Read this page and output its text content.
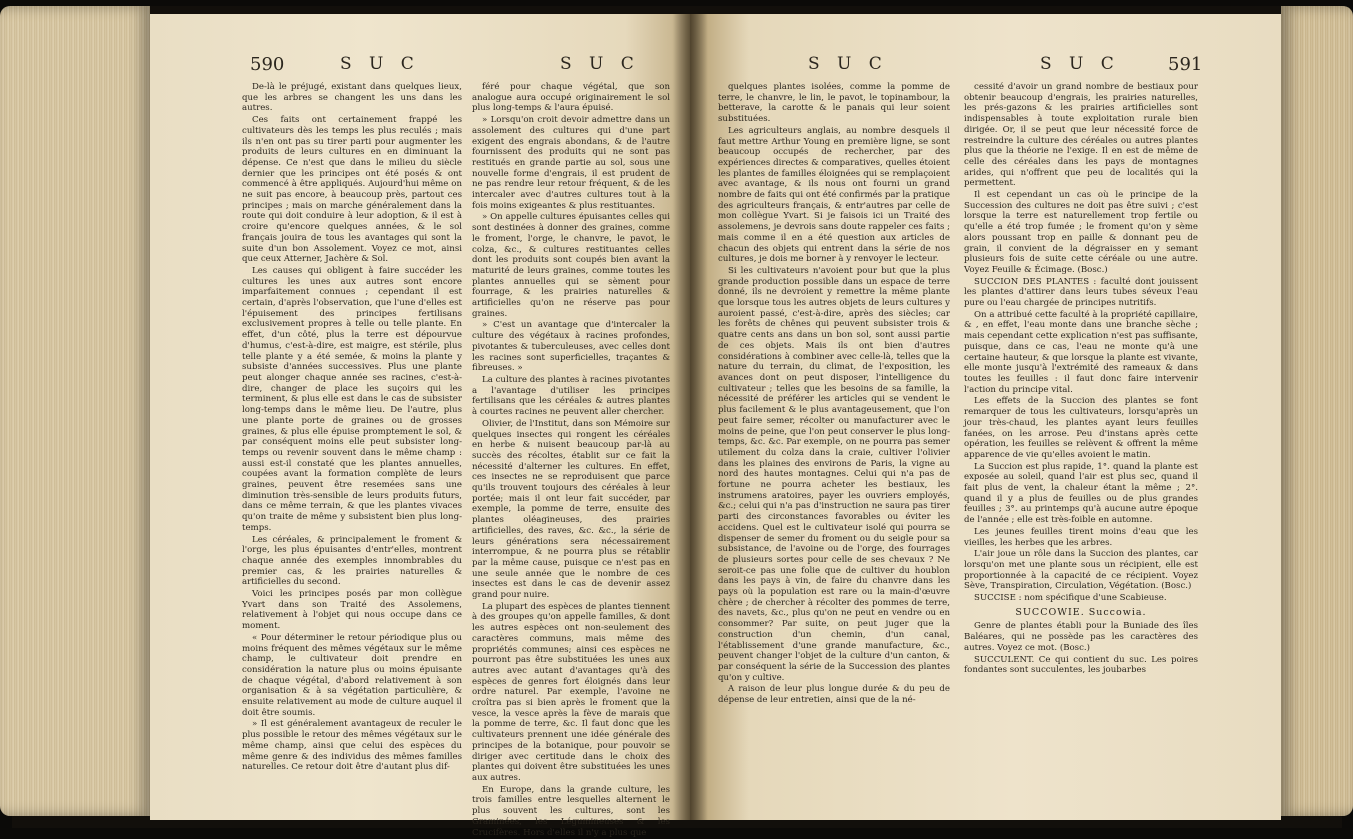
590	S U C	S U C

De-là le préjugé, existant dans quelques lieux, que les arbres se changent les uns dans les autres.

Ces faits ont certainement frappé les cultivateurs dès les temps les plus reculés ; mais ils n'en ont pas su tirer parti pour augmenter les produits de leurs cultures en en diminuant la dépense. Ce n'est que dans le milieu du siècle dernier que les principes ont été posés & ont commencé à être appliqués. Aujourd'hui même on ne suit pas encore, à beaucoup près, partout ces principes ; mais on marche généralement dans la route qui doit conduire à leur adoption, & il est à croire qu'encore quelques années, & le sol français jouira de tous les avantages qui sont la suite d'un bon Assolement. Voyez ce mot, ainsi que ceux Atterner, Jachère & Sol.

Les causes qui obligent à faire succéder les cultures les unes aux autres sont encore imparfaitement connues ; cependant il est certain, d'après l'observation, que l'une d'elles est l'épuisement des principes fertilisans exclusivement propres à telle ou telle plante. En effet, d'un côté, plus la terre est dépourvue d'humus, c'est-à-dire, est maigre, est stérile, plus telle plante y a été semée, & moins la plante y subsiste d'années successives. Plus une plante peut alonger chaque année ses racines, c'est-à-dire, changer de place les suçoirs qui les terminent, & plus elle est dans le cas de subsister long-temps dans le même lieu. De l'autre, plus une plante porte de graines ou de grosses graines, & plus elle épuise promptement le sol, & par conséquent moins elle peut subsister long-temps ou revenir souvent dans le même champ : aussi est-il constaté que les plantes annuelles, coupées avant la formation complète de leurs graines, peuvent être resemées sans une diminution très-sensible de leurs produits futurs, dans ce même terrain, & que les plantes vivaces qu'on traite de même y subsistent bien plus long-temps.

Les céréales, & principalement le froment & l'orge, les plus épuisantes d'entr'elles, montrent chaque année des exemples innombrables du premier cas, & les prairies naturelles & artificielles du second.

Voici les principes posés par mon collègue Yvart dans son Traité des Assolemens, relativement à l'objet qui nous occupe dans ce moment.

« Pour déterminer le retour périodique plus ou moins fréquent des mêmes végétaux sur le même champ, le cultivateur doit prendre en considération la nature plus ou moins épuisante de chaque végétal, d'abord relativement à son organisation & à sa végétation particulière, & ensuite relativement au mode de culture auquel il doit être soumis.

» Il est généralement avantageux de reculer le plus possible le retour des mêmes végétaux sur le même champ, ainsi que celui des espèces du même genre & des individus des mêmes familles naturelles. Ce retour doit être d'autant plus dif-

féré pour chaque végétal, que son analogue aura occupé originairement le sol plus long-temps & l'aura épuisé.

» Lorsqu'on croit devoir admettre dans un assolement des cultures qui d'une part exigent des engrais abondans, & de l'autre fournissent des produits qui ne sont pas restitués en grande partie au sol, sous une nouvelle forme d'engrais, il est prudent de ne pas rendre leur retour fréquent, & de les intercaler avec d'autres cultures tout à la fois moins exigeantes & plus restituantes.

» On appelle cultures épuisantes celles qui sont destinées à donner des graines, comme le froment, l'orge, le chanvre, le pavot, le colza, &c., & cultures restituantes celles dont les produits sont coupés bien avant la maturité de leurs graines, comme toutes les plantes annuelles qui se sèment pour fourrage, & les prairies naturelles & artificielles qu'on ne réserve pas pour graines.

» C'est un avantage que d'intercaler la culture des végétaux à racines profondes, pivotantes & tuberculeuses, avec celles dont les racines sont superficielles, traçantes & fibreuses. »

La culture des plantes à racines pivotantes a l'avantage d'utiliser les principes fertilisans que les céréales & autres plantes à courtes racines ne peuvent aller chercher.

Olivier, de l'Institut, dans son Mémoire sur quelques insectes qui rongent les céréales en herbe & nuisent beaucoup par-là au succès des récoltes, établit sur ce fait la nécessité d'alterner les cultures. En effet, ces insectes ne se reproduisent que parce qu'ils trouvent toujours des céréales à leur portée; mais il ont leur fait succéder, par exemple, la pomme de terre, ensuite des plantes oléagineuses, des prairies artificielles, des raves, &c. &c., la série de leurs générations sera nécessairement interrompue, & ne pourra plus se rétablir par la même cause, puisque ce n'est pas en une seule année que le nombre de ces insectes est dans le cas de devenir assez grand pour nuire.

La plupart des espèces de plantes tiennent à des groupes qu'on appelle familles, & dont les autres espèces ont non-seulement des caractères communs, mais même des propriétés communes; ainsi ces espèces ne pourront pas être substituées les unes aux autres avec autant d'avantages qu'à des espèces de genres fort éloignés dans leur ordre naturel. Par exemple, l'avoine ne croîtra pas si bien après le froment que la vesce, la vesce après la fève de marais que la pomme de terre, &c. Il faut donc que les cultivateurs prennent une idée générale des principes de la botanique, pour pouvoir se diriger avec certitude dans le choix des plantes qui doivent être substituées les unes aux autres.

En Europe, dans la grande culture, les trois familles entre lesquelles alternent le plus souvent les cultures, sont les Graminées, les Légumineuses & les Crucifères. Hors d'elles il n'y a plus que

S U C	S U C	591

quelques plantes isolées, comme la pomme de terre, le chanvre, le lin, le pavot, le topinambour, la betterave, la carotte & le panais qui leur soient substituées.

Les agriculteurs anglais, au nombre desquels il faut mettre Arthur Young en première ligne, se sont beaucoup occupés de rechercher, par des expériences directes & comparatives, quelles étoient les plantes de familles éloignées qui se remplaçoient avec avantage, & ils nous ont fourni un grand nombre de faits qui ont été confirmés par la pratique des agriculteurs français, & entr'autres par celle de mon collègue Yvart. Si je faisois ici un Traité des assolemens, je devrois sans doute rappeler ces faits ; mais comme il en a été question aux articles de chacun des objets qui entrent dans la série de nos cultures, je dois me borner à y renvoyer le lecteur.

Si les cultivateurs n'avoient pour but que la plus grande production possible dans un espace de terre donné, ils ne devroient y remettre la même plante que lorsque tous les autres objets de leurs cultures y auroient passé, c'est-à-dire, après des siècles; car les forêts de chênes qui peuvent subsister trois & quatre cents ans dans un bon sol, sont aussi partie de ces objets. Mais ils ont bien d'autres considérations à combiner avec celle-là, telles que la nature du terrain, du climat, de l'exposition, les avances dont on peut disposer, l'intelligence du cultivateur ; telles que les besoins de sa famille, la nécessité de préférer les articles qui se vendent le plus facilement & le plus avantageusement, que l'on peut faire semer, récolter ou manufacturer avec le moins de peine, que l'on peut conserver le plus long-temps, &c. &c. Par exemple, on ne pourra pas semer utilement du colza dans la craie, cultiver l'olivier dans les plaines des environs de Paris, la vigne au nord des hautes montagnes. Celui qui n'a pas de fortune ne pourra acheter les bestiaux, les instrumens aratoires, payer les ouvriers employés, &c.; celui qui n'a pas d'instruction ne saura pas tirer parti des circonstances favorables ou éviter les accidens. Quel est le cultivateur isolé qui pourra se dispenser de semer du froment ou du seigle pour sa subsistance, de l'avoine ou de l'orge, des fourrages de plusieurs sortes pour celle de ses chevaux ? Ne seroit-ce pas une folie que de cultiver du houblon dans les pays à vin, de faire du chanvre dans les pays où la population est rare ou la main-d'œuvre chère ; de chercher à récolter des pommes de terre, des navets, &c., plus qu'on ne peut en vendre ou en consommer? Par suite, on peut juger que la construction d'un chemin, d'un canal, l'établissement d'une grande manufacture, &c., peuvent changer l'objet de la culture d'un canton, & par conséquent la série de la Succession des plantes qu'on y cultive.

A raison de leur plus longue durée & du peu de dépense de leur entretien, ainsi que de la né-

cessité d'avoir un grand nombre de bestiaux pour obtenir beaucoup d'engrais, les prairies naturelles, les prés-gazons & les prairies artificielles sont indispensables à toute exploitation rurale bien dirigée. Or, il se peut que leur nécessité force de restreindre la culture des céréales ou autres plantes plus que la théorie ne l'exige. Il en est de même de celle des céréales dans les pays de montagnes arides, qui n'offrent que peu de localités qui la permettent.

Il est cependant un cas où le principe de la Succession des cultures ne doit pas être suivi ; c'est lorsque la terre est naturellement trop fertile ou qu'elle a été trop fumée ; le froment qu'on y sème alors poussant trop en paille & donnant peu de grain, il convient de la dégraisser en y semant plusieurs fois de suite cette céréale ou une autre. Voyez Feuille & Écimage. (Bosc.)

SUCCION DES PLANTES : faculté dont jouissent les plantes d'attirer dans leurs tubes séveux l'eau pure ou l'eau chargée de principes nutritifs.

On a attribué cette faculté à la propriété capillaire, & , en effet, l'eau monte dans une branche sèche ; mais cependant cette explication n'est pas suffisante, puisque, dans ce cas, l'eau ne monte qu'à une certaine hauteur, & que lorsque la plante est vivante, elle monte jusqu'à l'extrémité des rameaux & dans toutes les feuilles : il faut donc faire intervenir l'action du principe vital.

Les effets de la Succion des plantes se font remarquer de tous les cultivateurs, lorsqu'après un jour très-chaud, les plantes ayant leurs feuilles fanées, on les arrose. Peu d'instans après cette opération, les feuilles se relèvent & offrent la même apparence de vie qu'elles avoient le matin.

La Succion est plus rapide, 1°. quand la plante est exposée au soleil, quand l'air est plus sec, quand il fait plus de vent, la chaleur étant la même ; 2°. quand il y a plus de feuilles ou de plus grandes feuilles ; 3°. au printemps qu'à aucune autre époque de l'année ; elle est très-foible en automne.

Les jeunes feuilles tirent moins d'eau que les vieilles, les herbes que les arbres.

L'air joue un rôle dans la Succion des plantes, car lorsqu'on met une plante sous un récipient, elle est proportionnée à la capacité de ce récipient. Voyez Sève, Transpiration, Circulation, Végétation. (Bosc.)

SUCCISE : nom spécifique d'une Scabieuse.

SUCCOWIE. Succowia.

Genre de plantes établi pour la Buniade des îles Baléares, qui ne possède pas les caractères des autres. Voyez ce mot. (Bosc.)

SUCCULENT. Ce qui contient du suc. Les poires fondantes sont succulentes, les joubarbes
